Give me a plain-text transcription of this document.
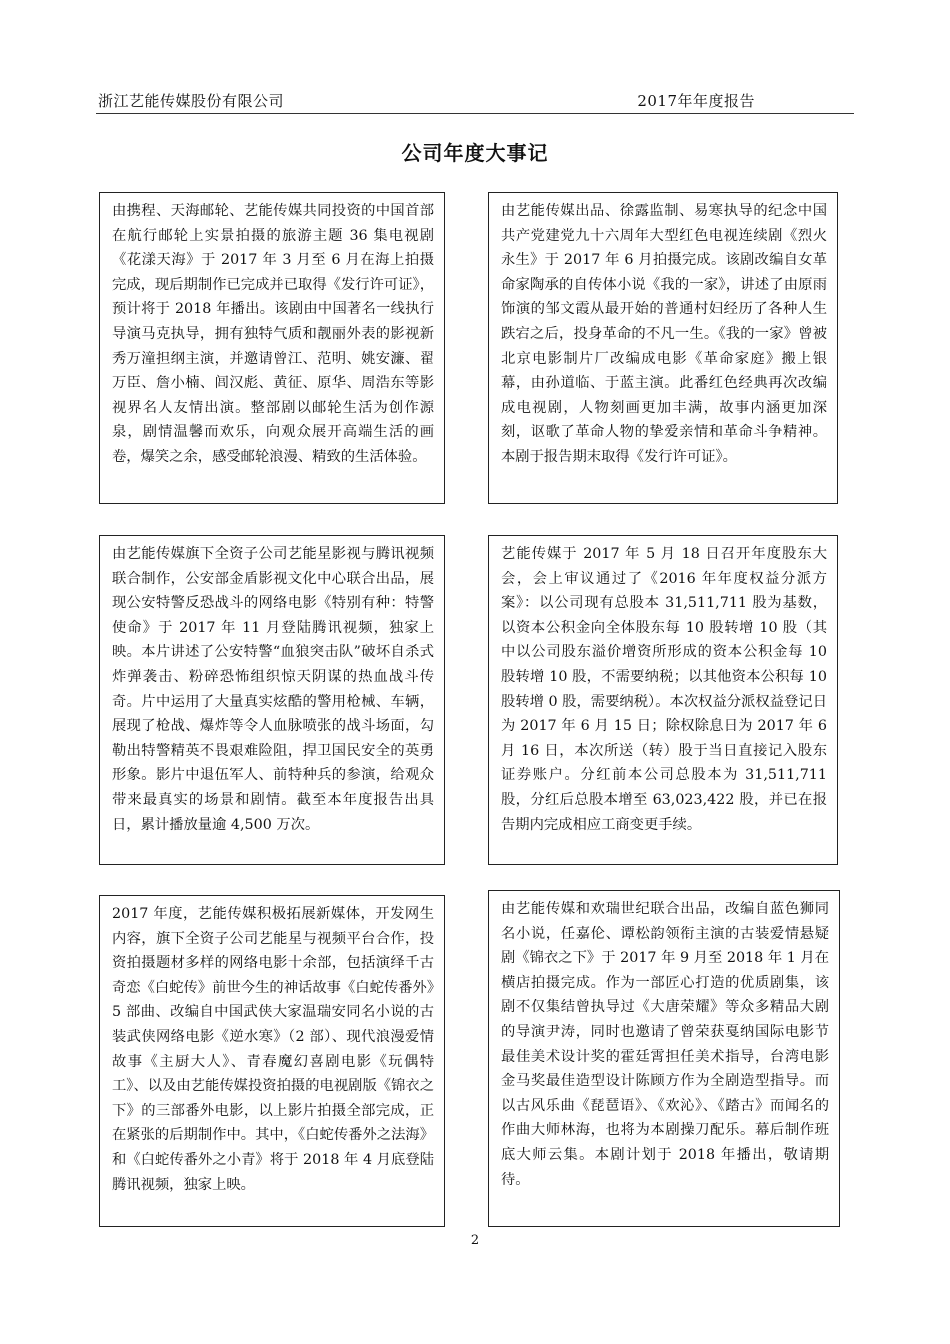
浙江艺能传媒股份有限公司	2017年年度报告
公司年度大事记
由携程、天海邮轮、艺能传媒共同投资的中国首部在航行邮轮上实景拍摄的旅游主题 36 集电视剧《花漾天海》于 2017 年 3 月至 6 月在海上拍摄完成，现后期制作已完成并已取得《发行许可证》，预计将于 2018 年播出。该剧由中国著名一线执行导演马克执导，拥有独特气质和靓丽外表的影视新秀万潼担纲主演，并邀请曾江、范明、姚安濂、翟万臣、詹小楠、闾汉彪、黄征、原华、周浩东等影视界名人友情出演。整部剧以邮轮生活为创作源泉，剧情温馨而欢乐，向观众展开高端生活的画卷，爆笑之余，感受邮轮浪漫、精致的生活体验。
由艺能传媒出品、徐露监制、易寒执导的纪念中国共产党建党九十六周年大型红色电视连续剧《烈火永生》于 2017 年 6 月拍摄完成。该剧改编自女革命家陶承的自传体小说《我的一家》，讲述了由原雨饰演的邹文霞从最开始的普通村妇经历了各种人生跌宕之后，投身革命的不凡一生。《我的一家》曾被北京电影制片厂改编成电影《革命家庭》搬上银幕，由孙道临、于蓝主演。此番红色经典再次改编成电视剧，人物刻画更加丰满，故事内涵更加深刻，讴歌了革命人物的挚爱亲情和革命斗争精神。本剧于报告期末取得《发行许可证》。
由艺能传媒旗下全资子公司艺能星影视与腾讯视频联合制作，公安部金盾影视文化中心联合出品，展现公安特警反恐战斗的网络电影《特别有种：特警使命》于 2017 年 11 月登陆腾讯视频，独家上映。本片讲述了公安特警“血狼突击队”破坏自杀式炸弹袭击、粉碎恐怖组织惊天阴谋的热血战斗传奇。片中运用了大量真实炫酷的警用枪械、车辆，展现了枪战、爆炸等令人血脉喷张的战斗场面，勾勒出特警精英不畏艰难险阻，捍卫国民安全的英勇形象。影片中退伍军人、前特种兵的参演，给观众带来最真实的场景和剧情。截至本年度报告出具日，累计播放量逾 4,500 万次。
艺能传媒于 2017 年 5 月 18 日召开年度股东大会，会上审议通过了《2016 年年度权益分派方案》：以公司现有总股本 31,511,711 股为基数，以资本公积金向全体股东每 10 股转增 10 股（其中以公司股东溢价增资所形成的资本公积金每 10 股转增 10 股，不需要纳税；以其他资本公积每 10 股转增 0 股，需要纳税）。本次权益分派权益登记日为 2017 年 6 月 15 日；除权除息日为 2017 年 6 月 16 日，本次所送（转）股于当日直接记入股东证券账户。分红前本公司总股本为 31,511,711 股，分红后总股本增至 63,023,422 股，并已在报告期内完成相应工商变更手续。
2017 年度，艺能传媒积极拓展新媒体，开发网生内容，旗下全资子公司艺能星与视频平台合作，投资拍摄题材多样的网络电影十余部，包括演绎千古奇恋《白蛇传》前世今生的神话故事《白蛇传番外》5 部曲、改编自中国武侠大家温瑞安同名小说的古装武侠网络电影《逆水寒》（2 部）、现代浪漫爱情故事《主厨大人》、青春魔幻喜剧电影《玩偶特工》、以及由艺能传媒投资拍摄的电视剧版《锦衣之下》的三部番外电影，以上影片拍摄全部完成，正在紧张的后期制作中。其中，《白蛇传番外之法海》和《白蛇传番外之小青》将于 2018 年 4 月底登陆腾讯视频，独家上映。
由艺能传媒和欢瑞世纪联合出品，改编自蓝色狮同名小说，任嘉伦、谭松韵领衔主演的古装爱情悬疑剧《锦衣之下》于 2017 年 9 月至 2018 年 1 月在横店拍摄完成。作为一部匠心打造的优质剧集，该剧不仅集结曾执导过《大唐荣耀》等众多精品大剧的导演尹涛，同时也邀请了曾荣获戛纳国际电影节最佳美术设计奖的霍廷霄担任美术指导，台湾电影金马奖最佳造型设计陈顾方作为全剧造型指导。而以古风乐曲《琵琶语》、《欢沁》、《踏古》而闻名的作曲大师林海，也将为本剧操刀配乐。幕后制作班底大师云集。本剧计划于 2018 年播出，敬请期待。
2
